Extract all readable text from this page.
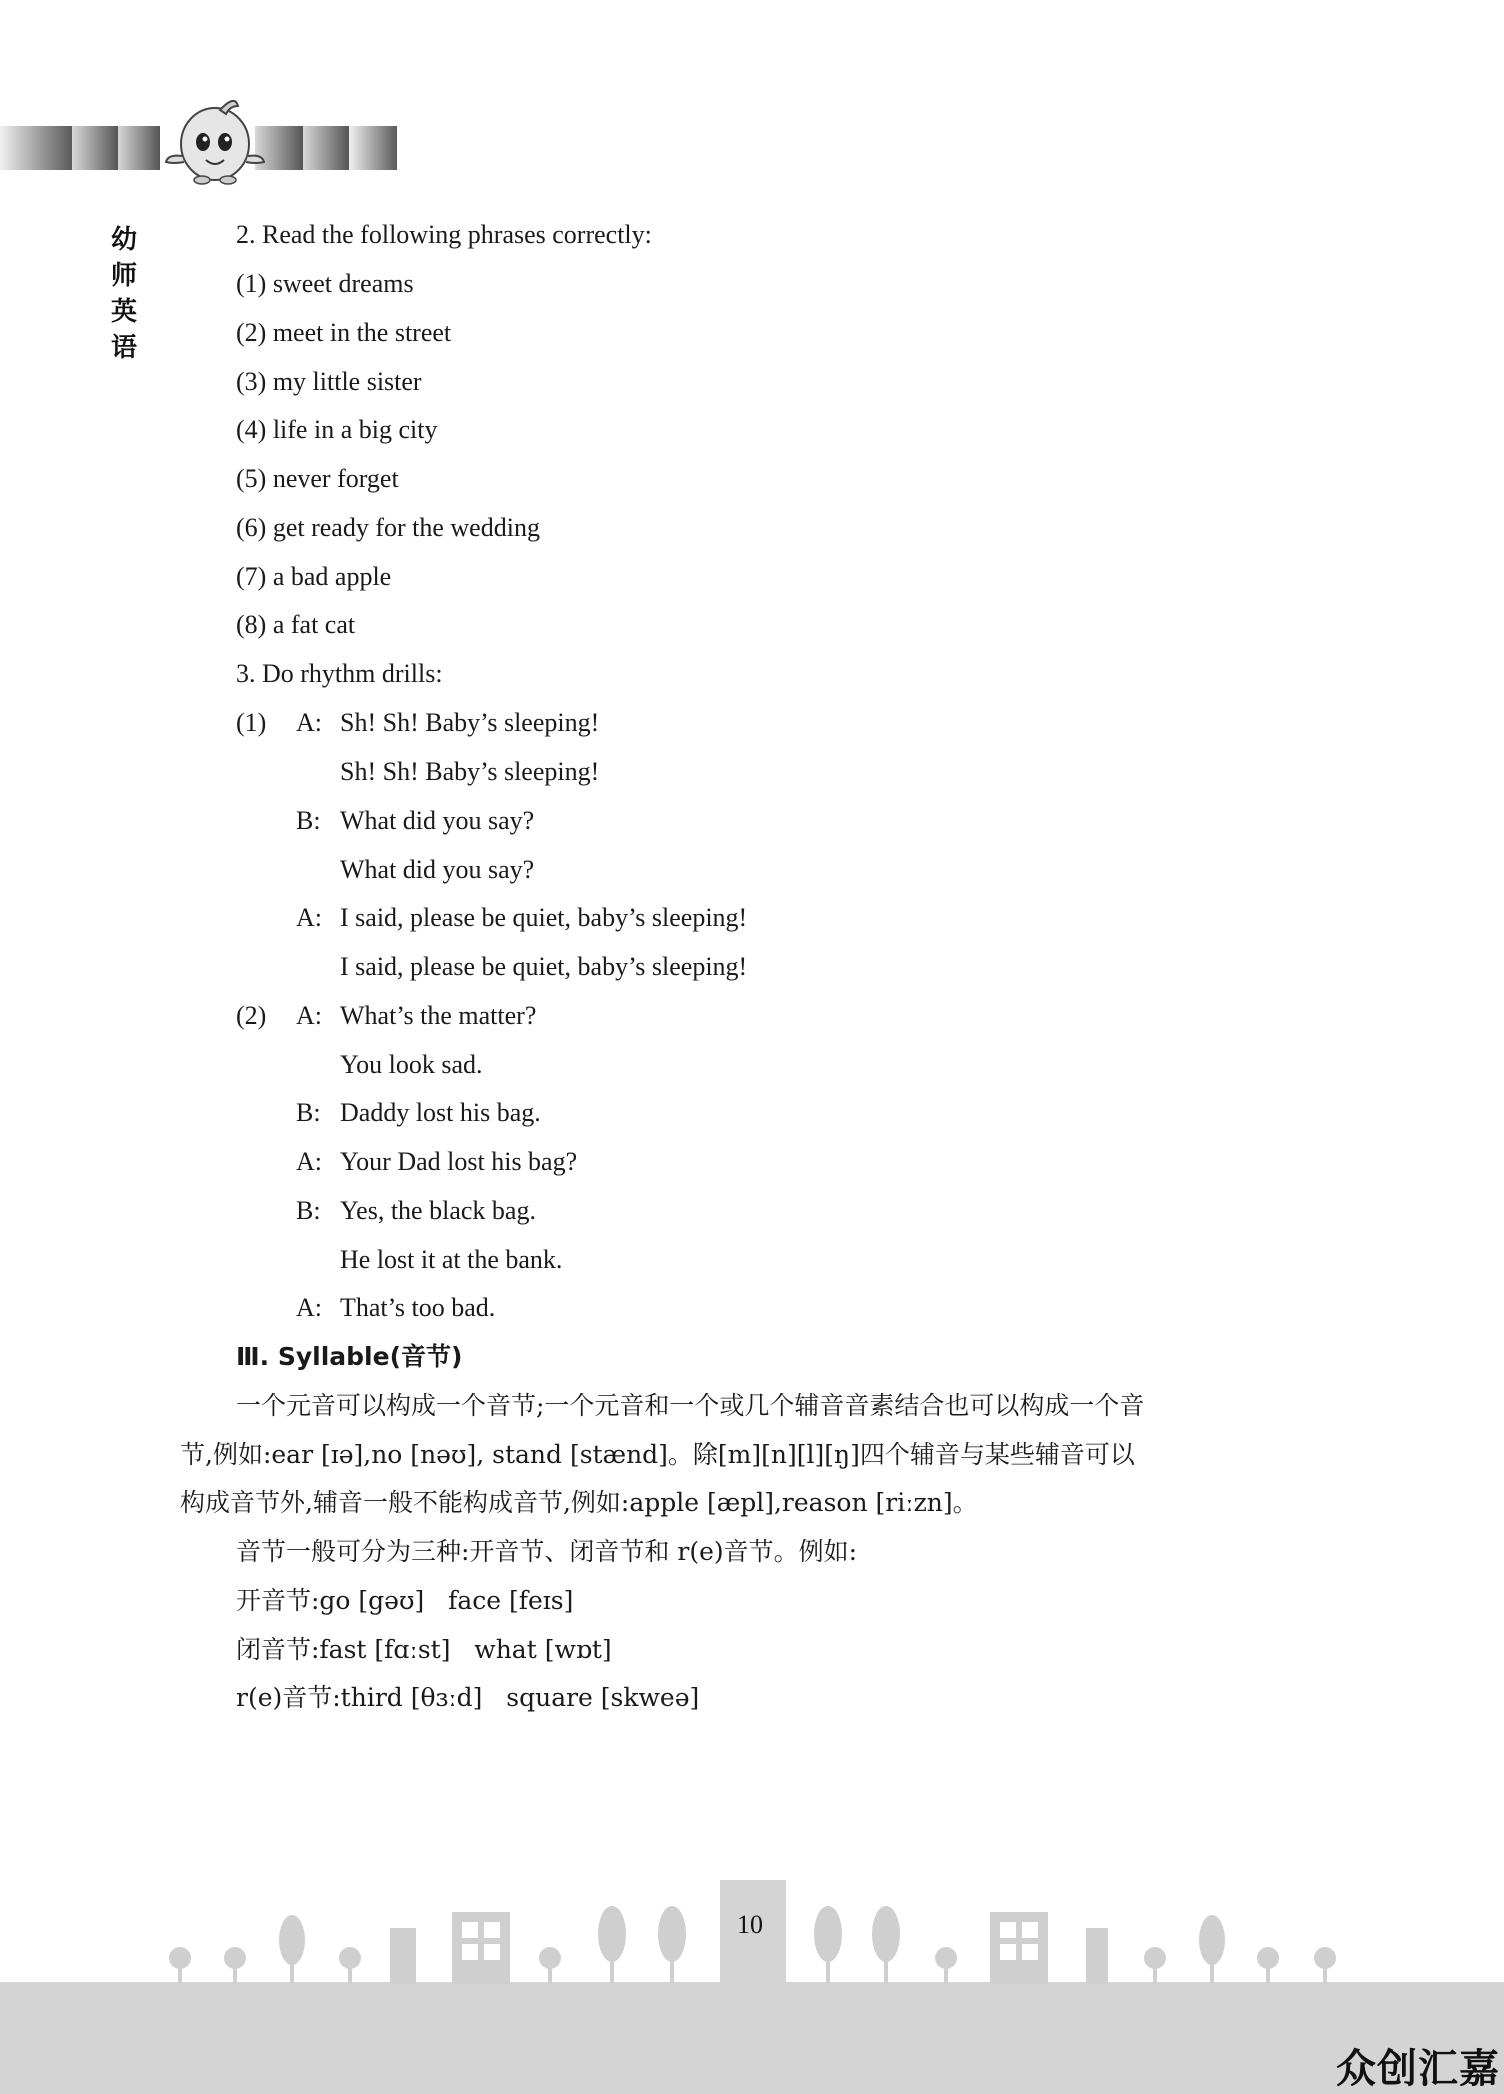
幼
师
英
语
2. Read the following phrases correctly:
(1) sweet dreams
(2) meet in the street
(3) my little sister
(4) life in a big city
(5) never forget
(6) get ready for the wedding
(7) a bad apple
(8) a fat cat
3. Do rhythm drills:
(1) A: Sh! Sh! Baby’s sleeping!
Sh! Sh! Baby’s sleeping!
B: What did you say?
What did you say?
A: I said, please be quiet, baby’s sleeping!
I said, please be quiet, baby’s sleeping!
(2) A: What’s the matter?
You look sad.
B: Daddy lost his bag.
A: Your Dad lost his bag?
B: Yes, the black bag.
He lost it at the bank.
A: That’s too bad.
Ⅲ. Syllable(音节)
一个元音可以构成一个音节;一个元音和一个或几个辅音音素结合也可以构成一个音
节,例如:ear [ɪə],no [nəʊ], stand [stænd]。除[m][n][l][ŋ]四个辅音与某些辅音可以
构成音节外,辅音一般不能构成音节,例如:apple [æpl],reason [riːzn]。
音节一般可分为三种:开音节、闭音节和 r(e)音节。例如:
开音节:go [gəʊ]   face [feɪs]
闭音节:fast [fɑːst]   what [wɒt]
r(e)音节:third [θɜːd]   square [skweə]
10
众创汇嘉
